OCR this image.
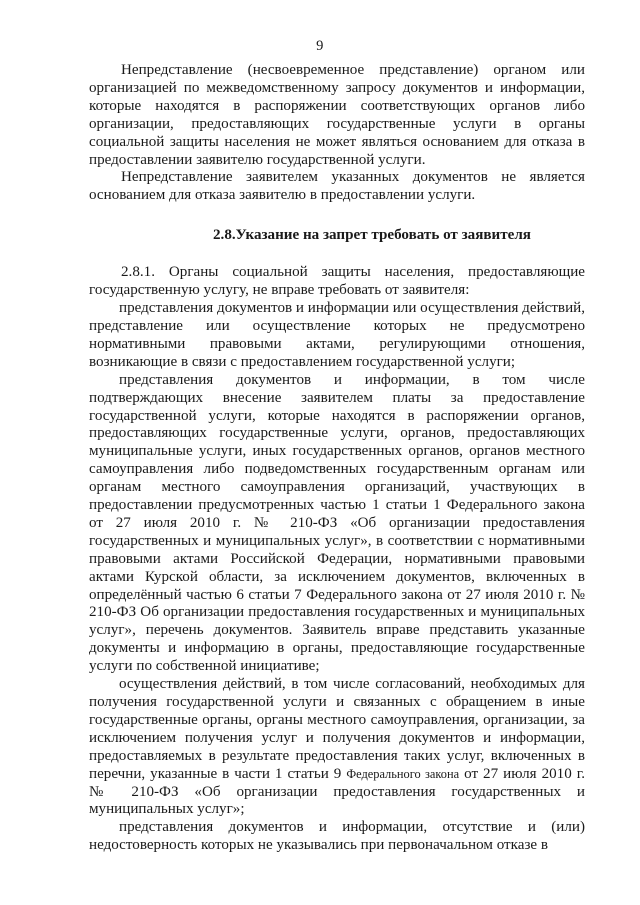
9

Непредставление (несвоевременное представление) органом или организацией по межведомственному запросу документов и информации, которые находятся в распоряжении соответствующих органов либо организации, предоставляющих государственные услуги в органы социальной защиты населения не может являться основанием для отказа в предоставлении заявителю государственной услуги.

Непредставление заявителем указанных документов не является основанием для отказа заявителю в предоставлении услуги.

2.8.Указание на запрет требовать от заявителя

2.8.1. Органы социальной защиты населения, предоставляющие государственную услугу, не вправе требовать от заявителя:

представления документов и информации или осуществления действий, представление или осуществление которых не предусмотрено нормативными правовыми актами, регулирующими отношения, возникающие в связи с предоставлением государственной услуги;

представления документов и информации, в том числе подтверждающих внесение заявителем платы за предоставление государственной услуги, которые находятся в распоряжении органов, предоставляющих государственные услуги, органов, предоставляющих муниципальные услуги, иных государственных органов, органов местного самоуправления либо подведомственных государственным органам или органам местного самоуправления организаций, участвующих в предоставлении предусмотренных частью 1 статьи 1 Федерального закона от 27 июля 2010 г. № 210-ФЗ «Об организации предоставления государственных и муниципальных услуг», в соответствии с нормативными правовыми актами Российской Федерации, нормативными правовыми актами Курской области, за исключением документов, включенных в определённый частью 6 статьи 7 Федерального закона от 27 июля 2010 г. № 210-ФЗ Об организации предоставления государственных и муниципальных услуг», перечень документов. Заявитель вправе представить указанные документы и информацию в органы, предоставляющие государственные услуги по собственной инициативе;

осуществления действий, в том числе согласований, необходимых для получения государственной услуги и связанных с обращением в иные государственные органы, органы местного самоуправления, организации, за исключением получения услуг и получения документов и информации, предоставляемых в результате предоставления таких услуг, включенных в перечни, указанные в части 1 статьи 9 Федерального закона от 27 июля 2010 г. № 210-ФЗ «Об организации предоставления государственных и муниципальных услуг»;

представления документов и информации, отсутствие и (или) недостоверность которых не указывались при первоначальном отказе в
